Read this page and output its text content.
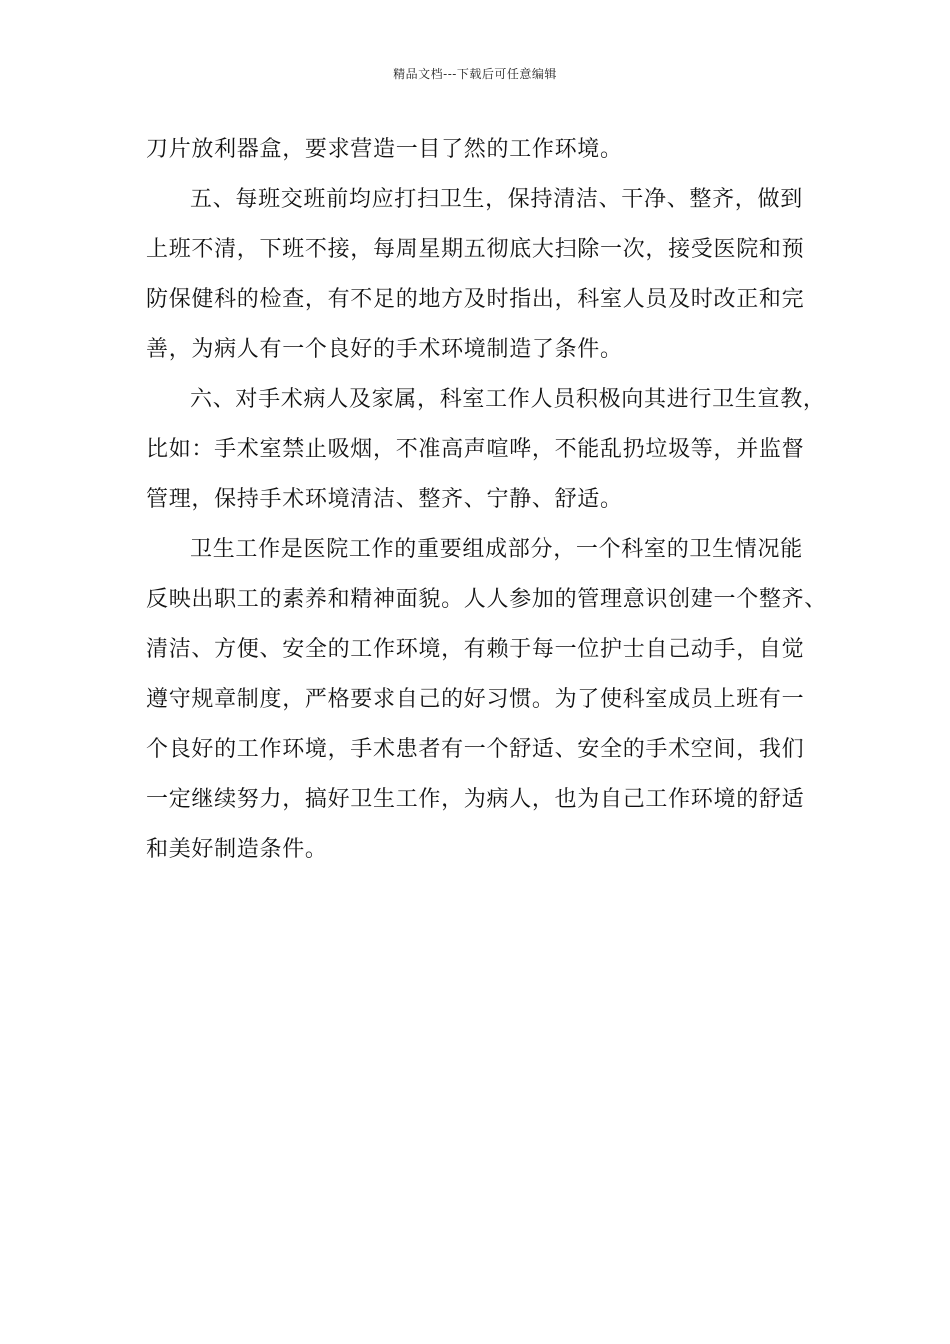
精品文档---下载后可任意编辑
刀片放利器盒，要求营造一目了然的工作环境。
五、每班交班前均应打扫卫生，保持清洁、干净、整齐，做到
上班不清，下班不接，每周星期五彻底大扫除一次，接受医院和预
防保健科的检查，有不足的地方及时指出，科室人员及时改正和完
善，为病人有一个良好的手术环境制造了条件。
六、对手术病人及家属，科室工作人员积极向其进行卫生宣教，
比如：手术室禁止吸烟，不准高声喧哗，不能乱扔垃圾等，并监督
管理，保持手术环境清洁、整齐、宁静、舒适。
卫生工作是医院工作的重要组成部分，一个科室的卫生情况能
反映出职工的素养和精神面貌。人人参加的管理意识创建一个整齐、
清洁、方便、安全的工作环境，有赖于每一位护士自己动手，自觉
遵守规章制度，严格要求自己的好习惯。为了使科室成员上班有一
个良好的工作环境，手术患者有一个舒适、安全的手术空间，我们
一定继续努力，搞好卫生工作，为病人，也为自己工作环境的舒适
和美好制造条件。
